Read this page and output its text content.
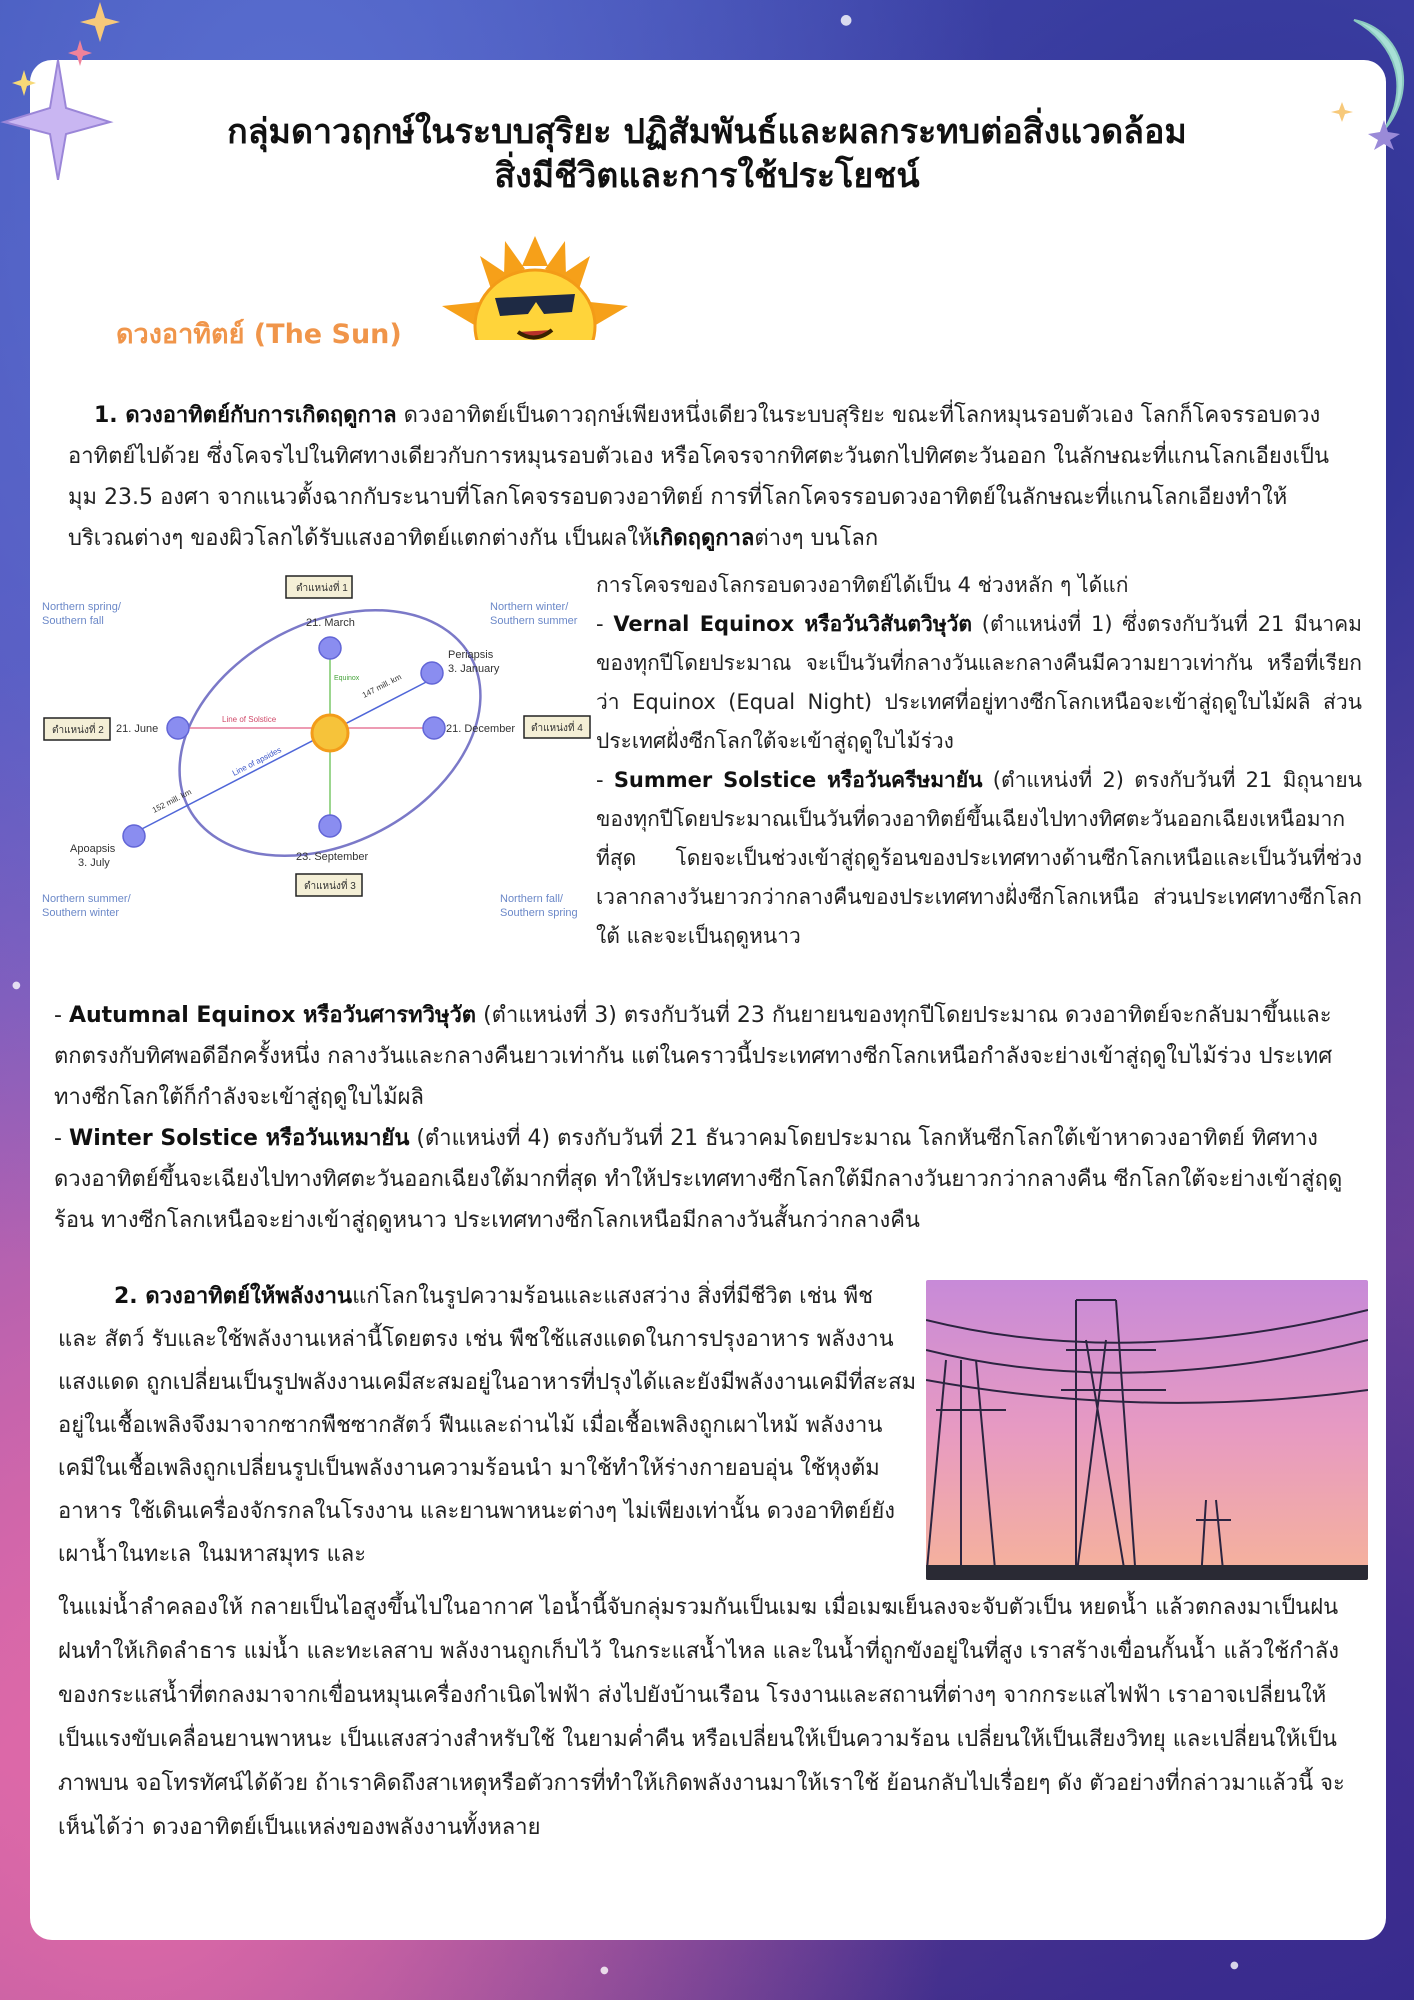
●
●
●
●
กลุ่มดาวฤกษ์ในระบบสุริยะ ปฏิสัมพันธ์และผลกระทบต่อสิ่งแวดล้อม
สิ่งมีชีวิตและการใช้ประโยชน์
ดวงอาทิตย์ (The Sun)

1. ดวงอาทิตย์กับการเกิดฤดูกาล ดวงอาทิตย์เป็นดาวฤกษ์เพียงหนึ่งเดียวในระบบสุริยะ ขณะที่โลกหมุนรอบตัวเอง โลกก็โคจรรอบดวงอาทิตย์ไปด้วย ซึ่งโคจรไปในทิศทางเดียวกับการหมุนรอบตัวเอง หรือโคจรจากทิศตะวันตกไปทิศตะวันออก ในลักษณะที่แกนโลกเอียงเป็นมุม 23.5 องศา จากแนวตั้งฉากกับระนาบที่โลกโคจรรอบดวงอาทิตย์ การที่โลกโคจรรอบดวงอาทิตย์ในลักษณะที่แกนโลกเอียงทำให้บริเวณต่างๆ ของผิวโลกได้รับแสงอาทิตย์แตกต่างกัน เป็นผลให้เกิดฤดูกาลต่างๆ บนโลก

ตำแหน่งที่ 1
ตำแหน่งที่ 2
ตำแหน่งที่ 3
ตำแหน่งที่ 4
21. March
21. June
23. September
21. December
Periapsis
3. January
Apoapsis
3. July
Line of Solstice
Line of apsides
Equinox 147 mill. km
152 mill. km
Northern spring/
Southern fall
Northern winter/
Southern summer
Northern summer/
Southern winter
Northern fall/
Southern spring

การโคจรของโลกรอบดวงอาทิตย์ได้เป็น 4 ช่วงหลัก ๆ ได้แก่
- Vernal Equinox หรือวันวิสันตวิษุวัต (ตำแหน่งที่ 1) ซึ่งตรงกับวันที่ 21 มีนาคม ของทุกปีโดยประมาณ จะเป็นวันที่กลางวันและกลางคืนมีความยาวเท่ากัน หรือที่เรียกว่า Equinox (Equal Night) ประเทศที่อยู่ทางซีกโลกเหนือจะเข้าสู่ฤดูใบไม้ผลิ ส่วนประเทศฝั่งซีกโลกใต้จะเข้าสู่ฤดูใบไม้ร่วง
- Summer Solstice หรือวันครีษมายัน (ตำแหน่งที่ 2) ตรงกับวันที่ 21 มิถุนายนของทุกปีโดยประมาณเป็นวันที่ดวงอาทิตย์ขึ้นเฉียงไปทางทิศตะวันออกเฉียงเหนือมากที่สุด โดยจะเป็นช่วงเข้าสู่ฤดูร้อนของประเทศทางด้านซีกโลกเหนือและเป็นวันที่ช่วงเวลากลางวันยาวกว่ากลางคืนของประเทศทางฝั่งซีกโลกเหนือ ส่วนประเทศทางซีกโลกใต้ และจะเป็นฤดูหนาว

- Autumnal Equinox หรือวันศารทวิษุวัต (ตำแหน่งที่ 3) ตรงกับวันที่ 23 กันยายนของทุกปีโดยประมาณ ดวงอาทิตย์จะกลับมาขึ้นและตกตรงกับทิศพอดีอีกครั้งหนึ่ง กลางวันและกลางคืนยาวเท่ากัน แต่ในคราวนี้ประเทศทางซีกโลกเหนือกำลังจะย่างเข้าสู่ฤดูใบไม้ร่วง ประเทศทางซีกโลกใต้ก็กำลังจะเข้าสู่ฤดูใบไม้ผลิ
- Winter Solstice หรือวันเหมายัน (ตำแหน่งที่ 4) ตรงกับวันที่ 21 ธันวาคมโดยประมาณ โลกหันซีกโลกใต้เข้าหาดวงอาทิตย์ ทิศทางดวงอาทิตย์ขึ้นจะเฉียงไปทางทิศตะวันออกเฉียงใต้มากที่สุด ทำให้ประเทศทางซีกโลกใต้มีกลางวันยาวกว่ากลางคืน ซีกโลกใต้จะย่างเข้าสู่ฤดูร้อน ทางซีกโลกเหนือจะย่างเข้าสู่ฤดูหนาว ประเทศทางซีกโลกเหนือมีกลางวันสั้นกว่ากลางคืน

2. ดวงอาทิตย์ให้พลังงานแก่โลกในรูปความร้อนและแสงสว่าง สิ่งที่มีชีวิต เช่น พืช และ สัตว์ รับและใช้พลังงานเหล่านี้โดยตรง เช่น พืชใช้แสงแดดในการปรุงอาหาร พลังงานแสงแดด ถูกเปลี่ยนเป็นรูปพลังงานเคมีสะสมอยู่ในอาหารที่ปรุงได้และยังมีพลังงานเคมีที่สะสมอยู่ในเชื้อเพลิงจึงมาจากซากพืชซากสัตว์ ฟืนและถ่านไม้ เมื่อเชื้อเพลิงถูกเผาไหม้ พลังงานเคมีในเชื้อเพลิงถูกเปลี่ยนรูปเป็นพลังงานความร้อนนำ มาใช้ทำให้ร่างกายอบอุ่น ใช้หุงต้มอาหาร ใช้เดินเครื่องจักรกลในโรงงาน และยานพาหนะต่างๆ ไม่เพียงเท่านั้น ดวงอาทิตย์ยังเผาน้ำในทะเล ในมหาสมุทร และ

ในแม่น้ำลำคลองให้ กลายเป็นไอสูงขึ้นไปในอากาศ ไอน้ำนี้จับกลุ่มรวมกันเป็นเมฆ เมื่อเมฆเย็นลงจะจับตัวเป็น หยดน้ำ แล้วตกลงมาเป็นฝน ฝนทำให้เกิดลำธาร แม่น้ำ และทะเลสาบ พลังงานถูกเก็บไว้ ในกระแสน้ำไหล และในน้ำที่ถูกขังอยู่ในที่สูง เราสร้างเขื่อนกั้นน้ำ แล้วใช้กำลังของกระแสน้ำที่ตกลงมาจากเขื่อนหมุนเครื่องกำเนิดไฟฟ้า ส่งไปยังบ้านเรือน โรงงานและสถานที่ต่างๆ จากกระแสไฟฟ้า เราอาจเปลี่ยนให้เป็นแรงขับเคลื่อนยานพาหนะ เป็นแสงสว่างสำหรับใช้ ในยามค่ำคืน หรือเปลี่ยนให้เป็นความร้อน เปลี่ยนให้เป็นเสียงวิทยุ และเปลี่ยนให้เป็นภาพบน จอโทรทัศน์ได้ด้วย ถ้าเราคิดถึงสาเหตุหรือตัวการที่ทำให้เกิดพลังงานมาให้เราใช้ ย้อนกลับไปเรื่อยๆ ดัง ตัวอย่างที่กล่าวมาแล้วนี้ จะเห็นได้ว่า ดวงอาทิตย์เป็นแหล่งของพลังงานทั้งหลาย
